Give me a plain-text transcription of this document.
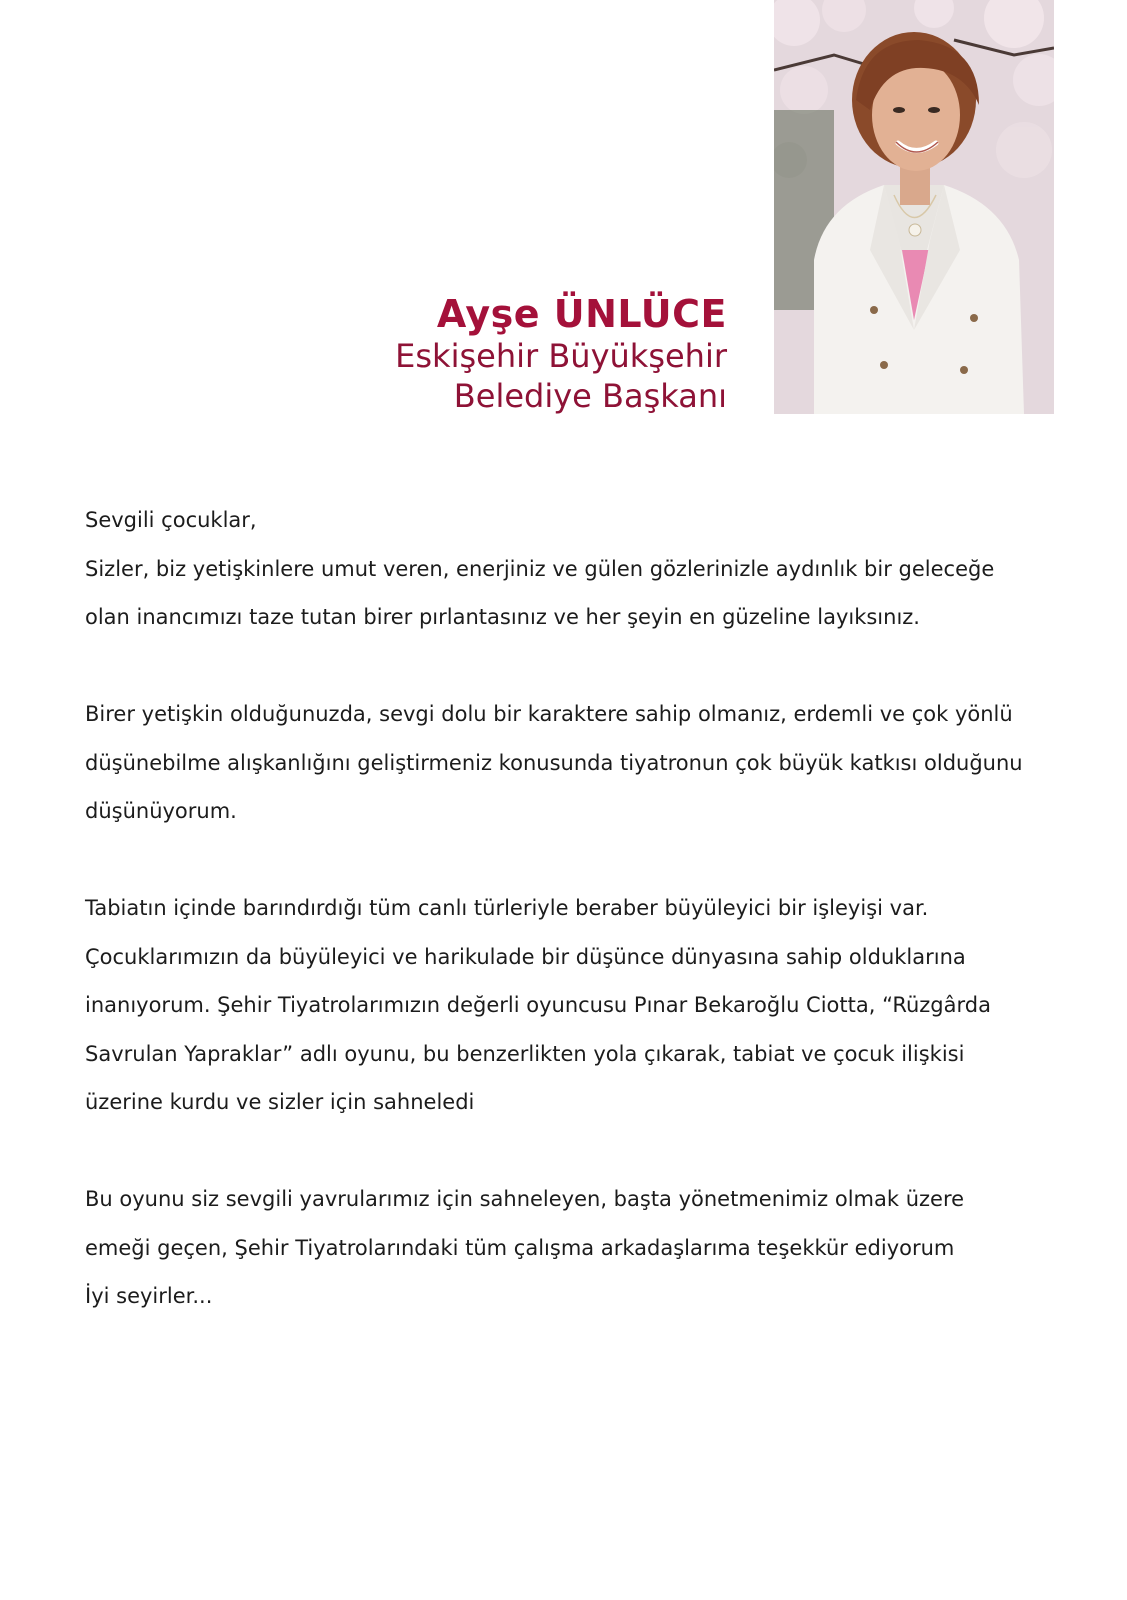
Ayşe ÜNLÜCE
Eskişehir Büyükşehir
Belediye Başkanı

Sevgili çocuklar,

Sizler, biz yetişkinlere umut veren, enerjiniz ve gülen gözlerinizle aydınlık bir geleceğe
olan inancımızı taze tutan birer pırlantasınız ve her şeyin en güzeline layıksınız.

Birer yetişkin olduğunuzda, sevgi dolu bir karaktere sahip olmanız, erdemli ve çok yönlü
düşünebilme alışkanlığını geliştirmeniz konusunda tiyatronun çok büyük katkısı olduğunu
düşünüyorum.

Tabiatın içinde barındırdığı tüm canlı türleriyle beraber büyüleyici bir işleyişi var.
Çocuklarımızın da büyüleyici ve harikulade bir düşünce dünyasına sahip olduklarına
inanıyorum. Şehir Tiyatrolarımızın değerli oyuncusu Pınar Bekaroğlu Ciotta, “Rüzgârda
Savrulan Yapraklar” adlı oyunu, bu benzerlikten yola çıkarak, tabiat ve çocuk ilişkisi
üzerine kurdu ve sizler için sahneledi

Bu oyunu siz sevgili yavrularımız için sahneleyen, başta yönetmenimiz olmak üzere
emeği geçen, Şehir Tiyatrolarındaki tüm çalışma arkadaşlarıma teşekkür ediyorum
İyi seyirler...
